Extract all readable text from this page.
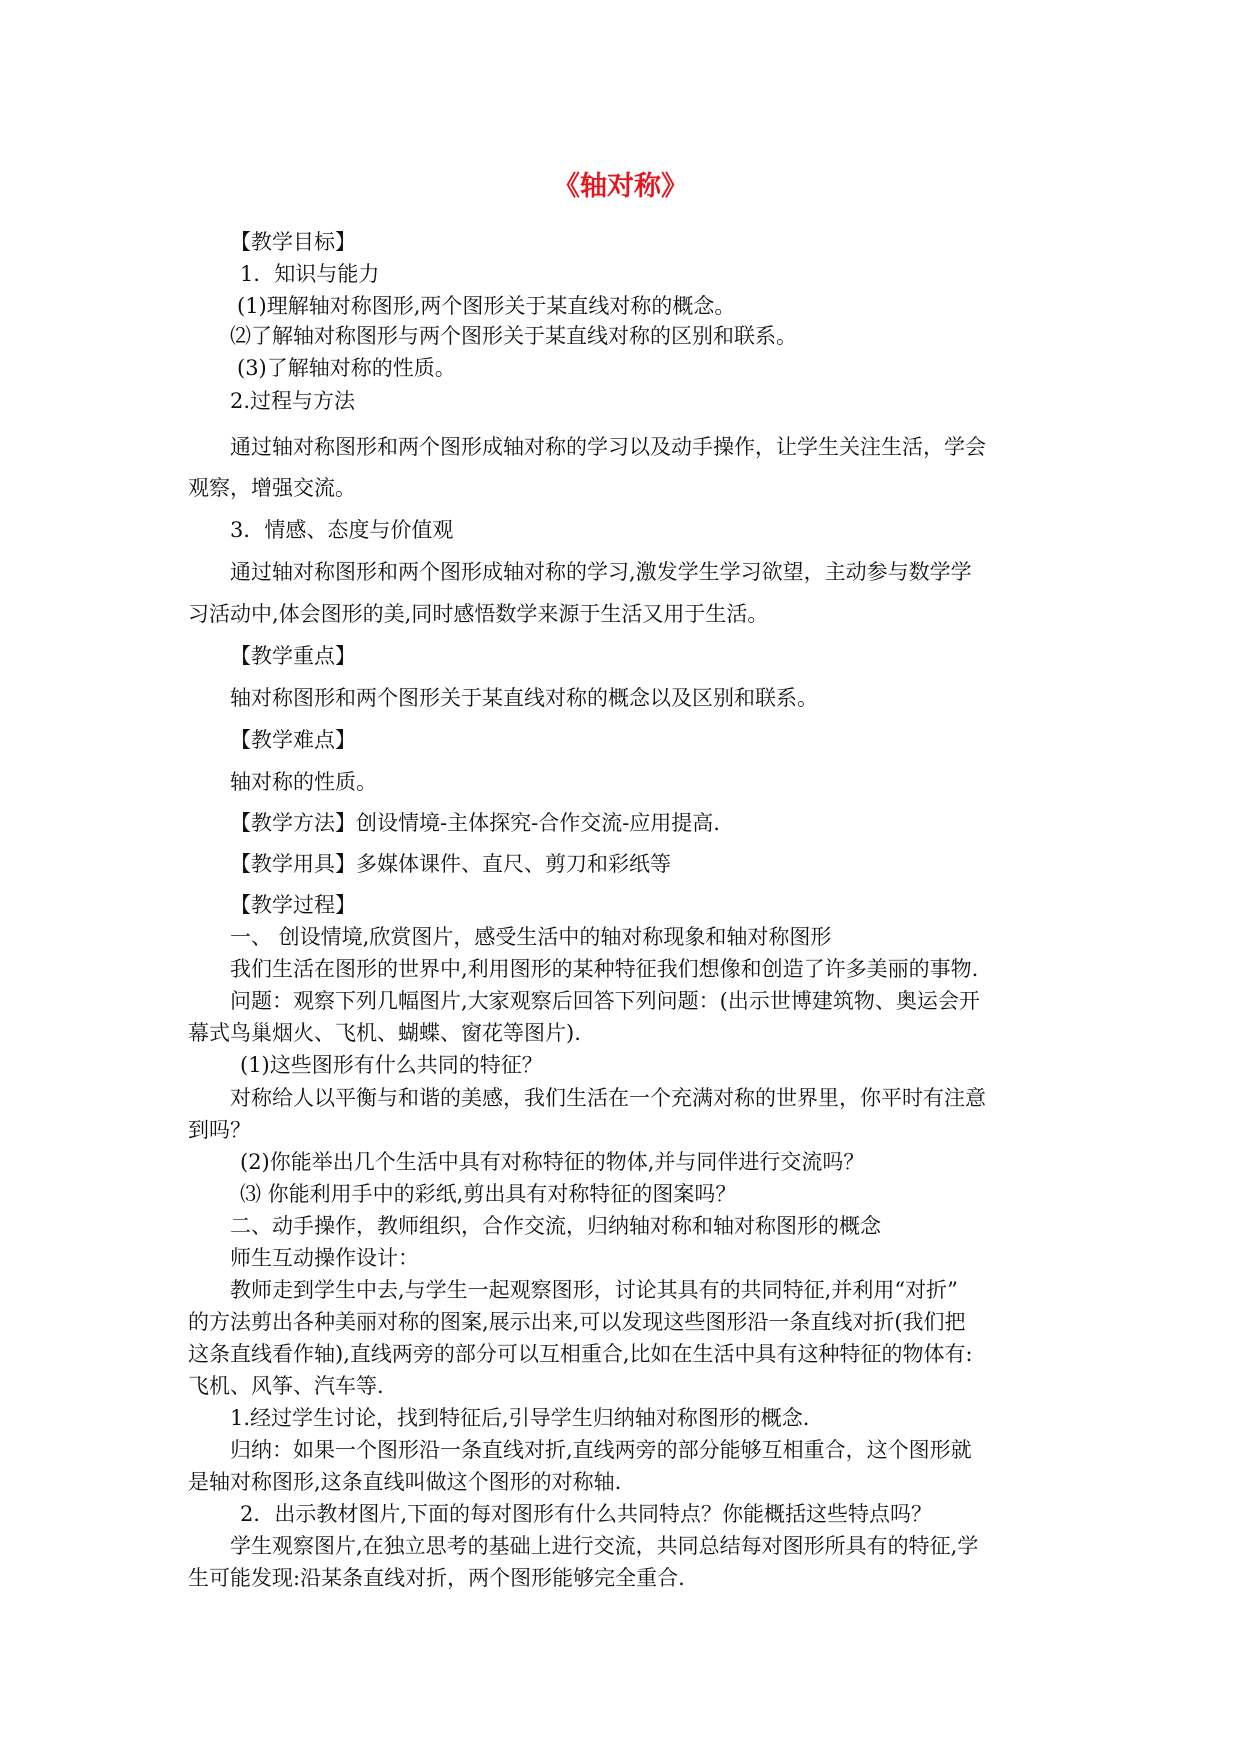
《轴对称》
【教学目标】
1．知识与能力
(1)理解轴对称图形,两个图形关于某直线对称的概念。
⑵了解轴对称图形与两个图形关于某直线对称的区别和联系。
(3)了解轴对称的性质。
2.过程与方法
通过轴对称图形和两个图形成轴对称的学习以及动手操作，让学生关注生活，学会
观察，增强交流。
3．情感、态度与价值观
通过轴对称图形和两个图形成轴对称的学习,激发学生学习欲望，主动参与数学学
习活动中,体会图形的美,同时感悟数学来源于生活又用于生活。
【教学重点】
轴对称图形和两个图形关于某直线对称的概念以及区别和联系。
【教学难点】
轴对称的性质。
【教学方法】创设情境-主体探究-合作交流-应用提高.
【教学用具】多媒体课件、直尺、剪刀和彩纸等
【教学过程】
一、 创设情境,欣赏图片，感受生活中的轴对称现象和轴对称图形
我们生活在图形的世界中,利用图形的某种特征我们想像和创造了许多美丽的事物.
问题：观察下列几幅图片,大家观察后回答下列问题：(出示世博建筑物、奥运会开
幕式鸟巢烟火、飞机、蝴蝶、窗花等图片).
(1)这些图形有什么共同的特征？
对称给人以平衡与和谐的美感，我们生活在一个充满对称的世界里，你平时有注意
到吗？
(2)你能举出几个生活中具有对称特征的物体,并与同伴进行交流吗？
⑶ 你能利用手中的彩纸,剪出具有对称特征的图案吗？
二、动手操作，教师组织，合作交流，归纳轴对称和轴对称图形的概念
师生互动操作设计：
教师走到学生中去,与学生一起观察图形，讨论其具有的共同特征,并利用“对折”
的方法剪出各种美丽对称的图案,展示出来,可以发现这些图形沿一条直线对折(我们把
这条直线看作轴),直线两旁的部分可以互相重合,比如在生活中具有这种特征的物体有:
飞机、风筝、汽车等.
1.经过学生讨论，找到特征后,引导学生归纳轴对称图形的概念.
归纳：如果一个图形沿一条直线对折,直线两旁的部分能够互相重合，这个图形就
是轴对称图形,这条直线叫做这个图形的对称轴.
2．出示教材图片,下面的每对图形有什么共同特点？你能概括这些特点吗？
学生观察图片,在独立思考的基础上进行交流，共同总结每对图形所具有的特征,学
生可能发现:沿某条直线对折，两个图形能够完全重合.
